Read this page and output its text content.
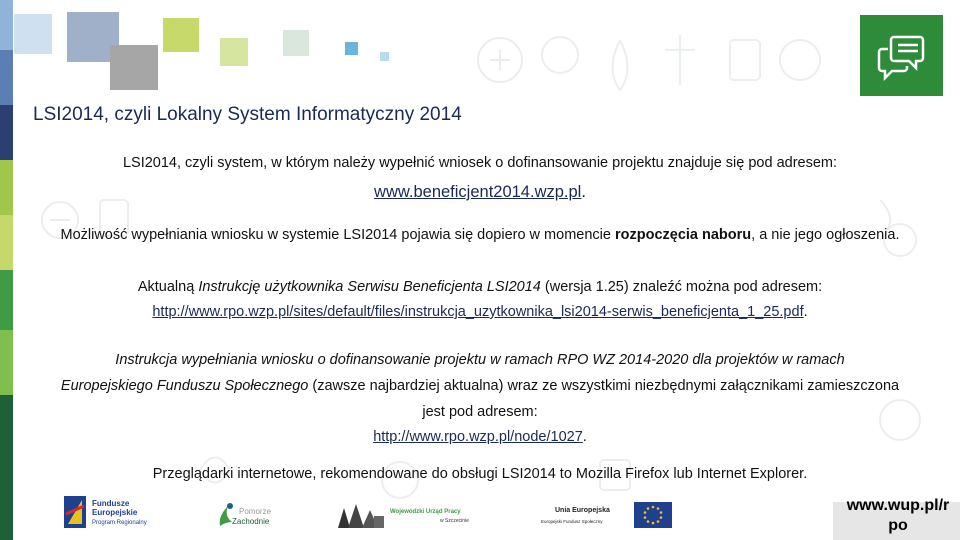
LSI2014, czyli Lokalny System Informatyczny 2014
LSI2014, czyli system, w którym należy wypełnić wniosek o dofinansowanie projektu znajduje się pod adresem:
www.beneficjent2014.wzp.pl.
Możliwość wypełniania wniosku w systemie LSI2014 pojawia się dopiero w momencie rozpoczęcia naboru, a nie jego ogłoszenia.
Aktualną Instrukcję użytkownika Serwisu Beneficjenta LSI2014 (wersja 1.25) znaleźć można pod adresem:
http://www.rpo.wzp.pl/sites/default/files/instrukcja_uzytkownika_lsi2014-serwis_beneficjenta_1_25.pdf.
Instrukcja wypełniania wniosku o dofinansowanie projektu w ramach RPO WZ 2014-2020 dla projektów w ramach
Europejskiego Funduszu Społecznego (zawsze najbardziej aktualna) wraz ze wszystkimi niezbędnymi załącznikami zamieszczona
jest pod adresem:
http://www.rpo.wzp.pl/node/1027.
Przeglądarki internetowe, rekomendowane do obsługi LSI2014 to Mozilla Firefox lub Internet Explorer.
Fundusze
Europejskie
Program Regionalny
Pomorze
Zachodnie
Wojewódzki Urząd Pracy
w Szczecinie
Unia Europejska
Europejski Fundusz Społeczny
www.wup.pl/r
po
